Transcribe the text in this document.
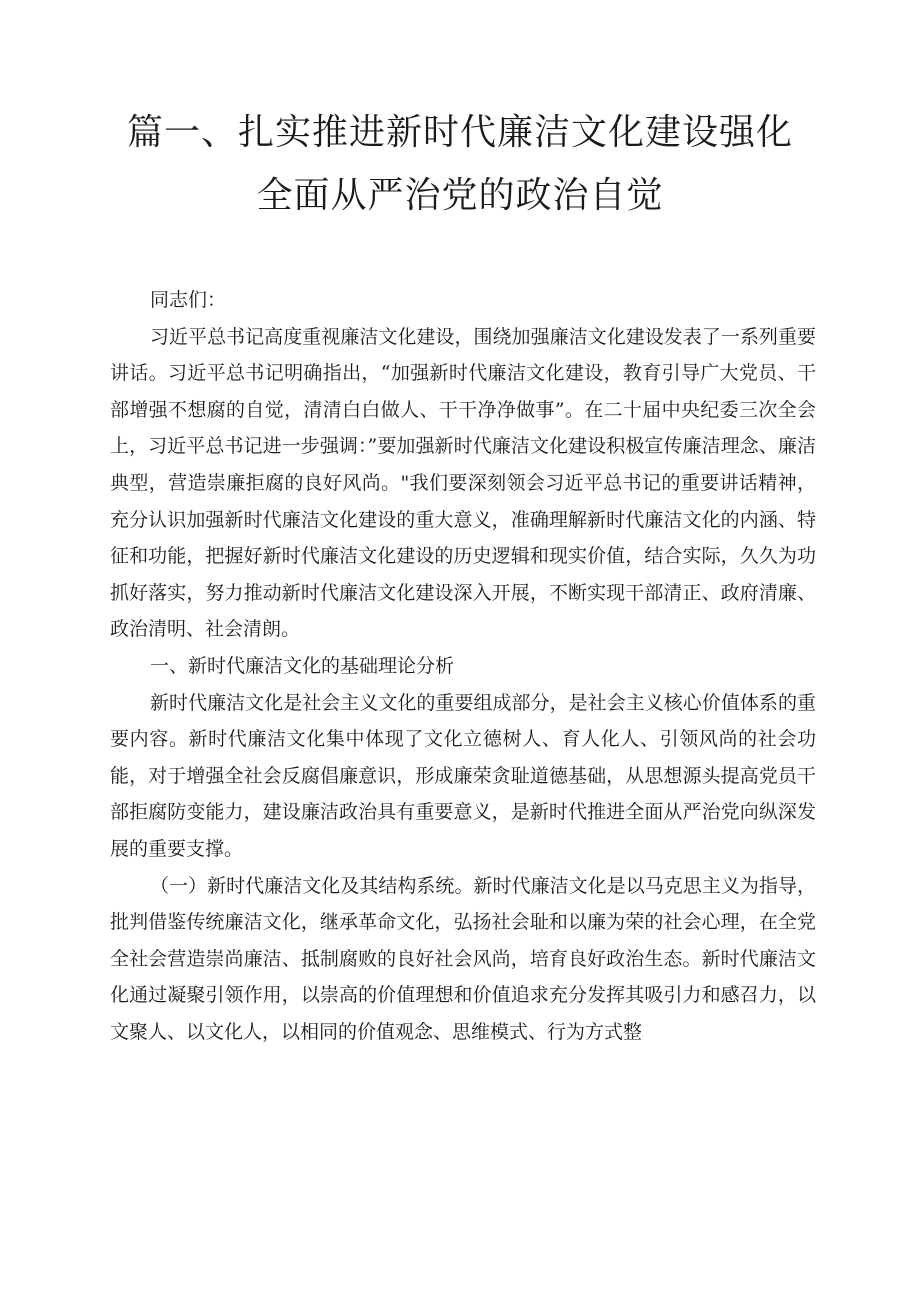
篇一、扎实推进新时代廉洁文化建设强化
全面从严治党的政治自觉

同志们：

习近平总书记高度重视廉洁文化建设，围绕加强廉洁文化建设发表了一系列重要讲话。习近平总书记明确指出，“加强新时代廉洁文化建设，教育引导广大党员、干部增强不想腐的自觉，清清白白做人、干干净净做事”。在二十届中央纪委三次全会上，习近平总书记进一步强调：”要加强新时代廉洁文化建设积极宣传廉洁理念、廉洁典型，营造崇廉拒腐的良好风尚。"我们要深刻领会习近平总书记的重要讲话精神，充分认识加强新时代廉洁文化建设的重大意义，准确理解新时代廉洁文化的内涵、特征和功能，把握好新时代廉洁文化建设的历史逻辑和现实价值，结合实际，久久为功抓好落实，努力推动新时代廉洁文化建设深入开展，不断实现干部清正、政府清廉、政治清明、社会清朗。

一、新时代廉洁文化的基础理论分析

新时代廉洁文化是社会主义文化的重要组成部分，是社会主义核心价值体系的重要内容。新时代廉洁文化集中体现了文化立德树人、育人化人、引领风尚的社会功能，对于增强全社会反腐倡廉意识，形成廉荣贪耻道德基础，从思想源头提高党员干部拒腐防变能力，建设廉洁政治具有重要意义，是新时代推进全面从严治党向纵深发展的重要支撑。

（一）新时代廉洁文化及其结构系统。新时代廉洁文化是以马克思主义为指导，批判借鉴传统廉洁文化，继承革命文化，弘扬社会耻和以廉为荣的社会心理，在全党全社会营造崇尚廉洁、抵制腐败的良好社会风尚，培育良好政治生态。新时代廉洁文化通过凝聚引领作用，以崇高的价值理想和价值追求充分发挥其吸引力和感召力，以文聚人、以文化人，以相同的价值观念、思维模式、行为方式整
